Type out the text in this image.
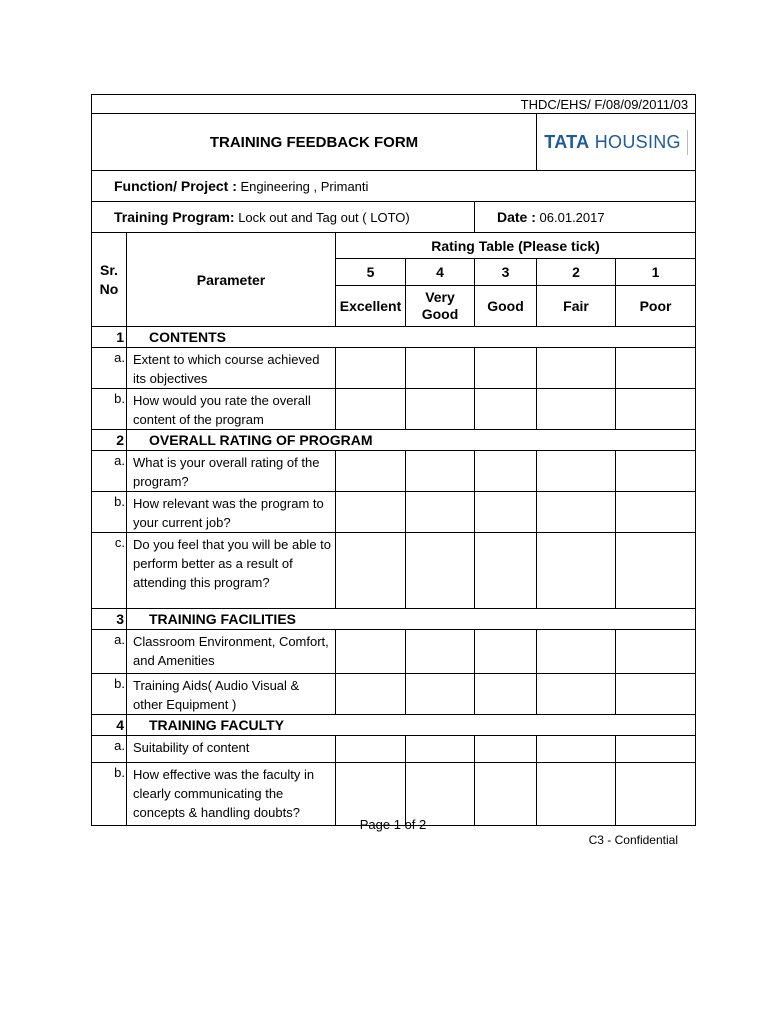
THDC/EHS/ F/08/09/2011/03						
TRAINING FEEDBACK FORM					TATA HOUSING	
Function/ Project : Engineering , Primanti						
Training Program: Lock out and Tag out ( LOTO)				Date : 06.01.2017		
Sr. No	Parameter	Rating Table (Please tick)				
		5	4	3	2	1
		Excellent	Very Good	Good	Fair	Poor
1	CONTENTS					
a.	Extent to which course achieved its objectives					
b.	How would you rate the overall content of the program					
2	OVERALL RATING OF PROGRAM					
a.	What is your overall rating of the program?					
b.	How relevant was the program to your current job?					
c.	Do you feel that you will be able to perform better as a result of attending this program?					
3	TRAINING FACILITIES					
a.	Classroom Environment, Comfort, and Amenities					
b.	Training Aids( Audio Visual & other Equipment )					
4	TRAINING FACULTY					
a.	Suitability of content					
b.	How effective was the faculty in clearly communicating the concepts & handling doubts?					
Page 1 of 2
C3 - Confidential
